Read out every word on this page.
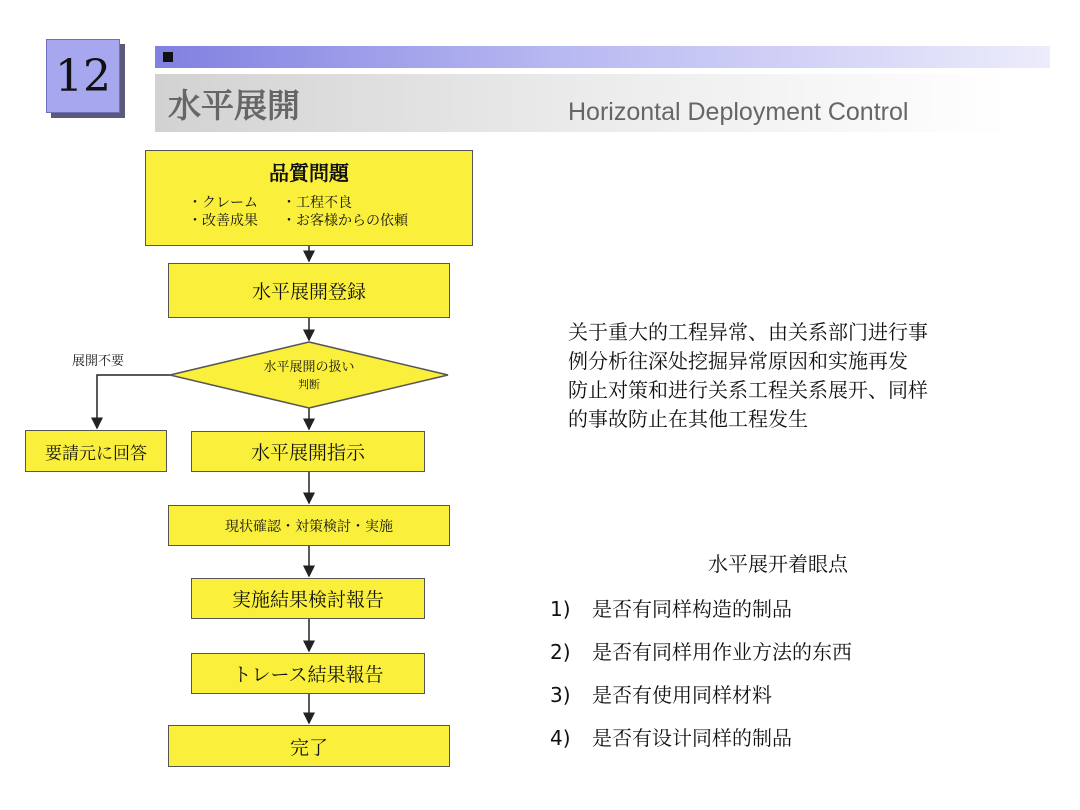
12
水平展開	Horizontal Deployment Control
品質問題
・クレーム ・工程不良
・改善成果 ・お客様からの依頼
水平展開登録
水平展開の扱い
判断
展開不要
要請元に回答	水平展開指示
現状確認・対策検討・実施
実施結果検討報告
トレース結果報告
完了
关于重大的工程异常、由关系部门进行事
例分析往深处挖掘异常原因和实施再发
防止对策和进行关系工程关系展开、同样
的事故防止在其他工程发生
水平展开着眼点
1) 是否有同样构造的制品
2) 是否有同样用作业方法的东西
3) 是否有使用同样材料
4) 是否有设计同样的制品
